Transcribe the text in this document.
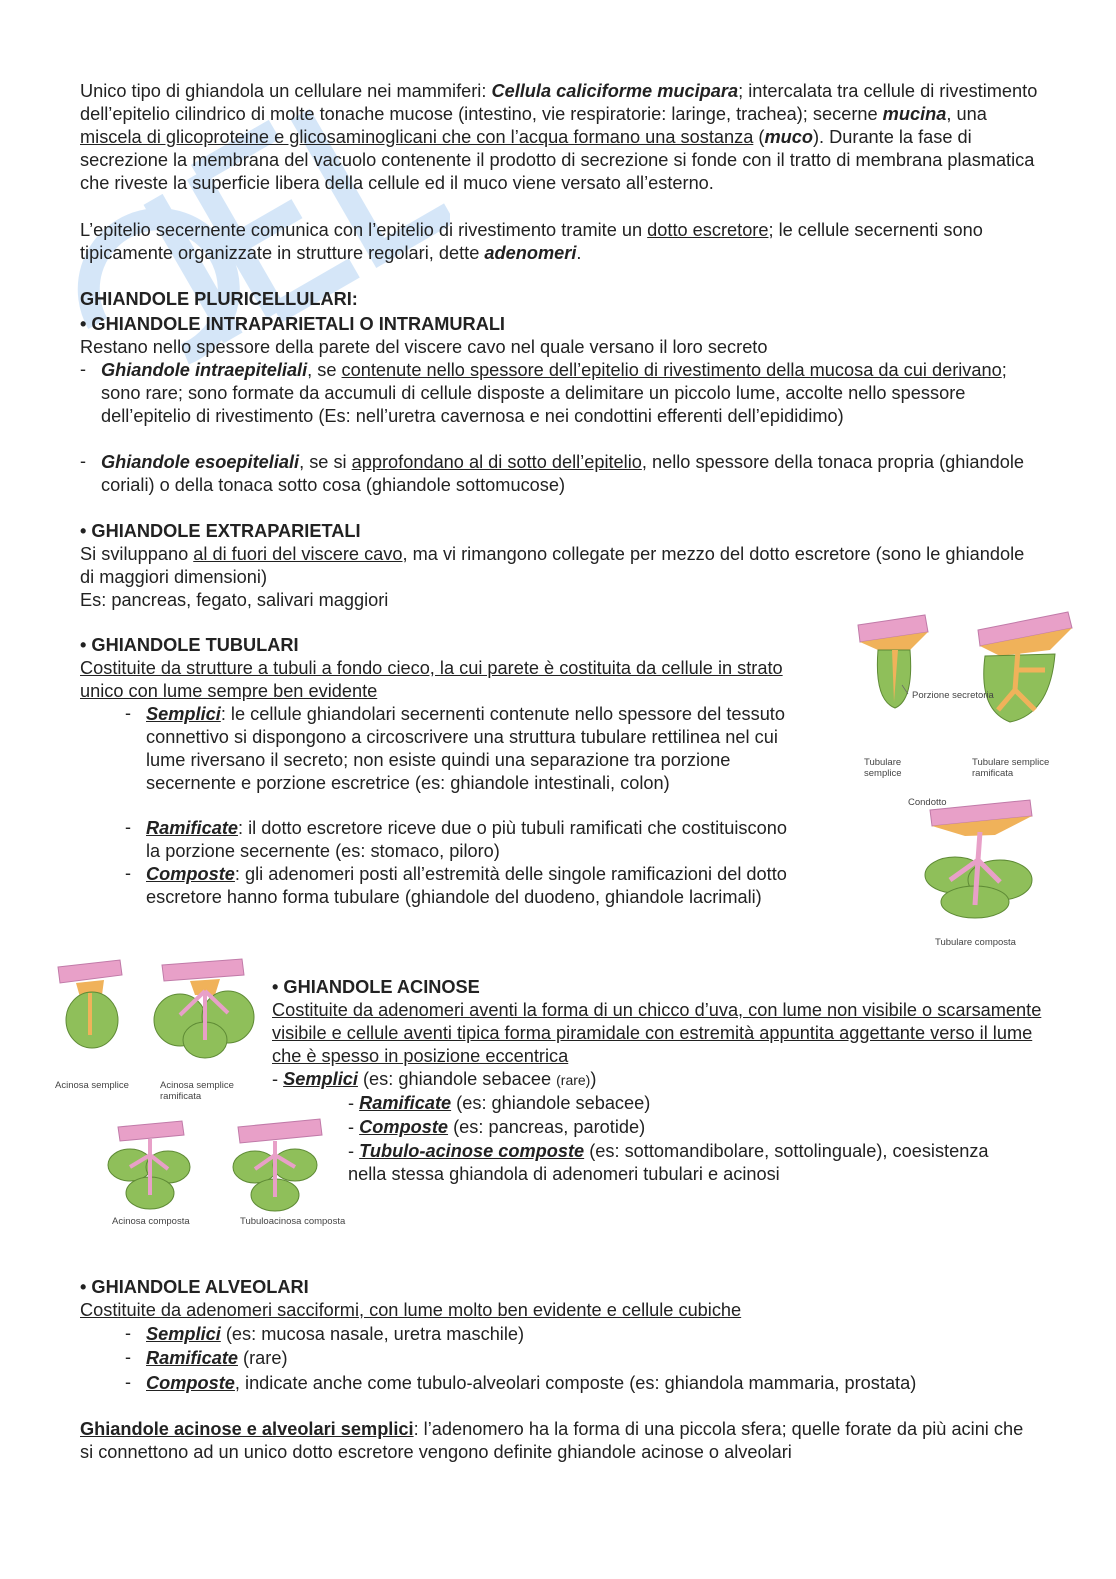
Unico tipo di ghiandola un cellulare nei mammiferi: Cellula caliciforme mucipara; intercalata tra cellule di rivestimento dell’epitelio cilindrico di molte tonache mucose (intestino, vie respiratorie: laringe, trachea); secerne mucina, una miscela di glicoproteine e glicosaminoglicani che con l’acqua formano una sostanza (muco). Durante la fase di secrezione la membrana del vacuolo contenente il prodotto di secrezione si fonde con il tratto di membrana plasmatica che riveste la superficie libera della cellule ed il muco viene versato all’esterno.
L’epitelio secernente comunica con l’epitelio di rivestimento tramite un dotto escretore; le cellule secernenti sono tipicamente organizzate in strutture regolari, dette adenomeri.
GHIANDOLE PLURICELLULARI:
• GHIANDOLE INTRAPARIETALI O INTRAMURALI
Restano nello spessore della parete del viscere cavo nel quale versano il loro secreto
- Ghiandole intraepiteliali, se contenute nello spessore dell’epitelio di rivestimento della mucosa da cui derivano; sono rare; sono formate da accumuli di cellule disposte a delimitare un piccolo lume, accolte nello spessore dell’epitelio di rivestimento (Es: nell’uretra cavernosa e nei condottini efferenti dell’epididimo)
- Ghiandole esoepiteliali, se si approfondano al di sotto dell’epitelio, nello spessore della tonaca propria (ghiandole coriali) o della tonaca sotto cosa (ghiandole sottomucose)
• GHIANDOLE EXTRAPARIETALI
Si sviluppano al di fuori del viscere cavo, ma vi rimangono collegate per mezzo del dotto escretore (sono le ghiandole di maggiori dimensioni)
Es: pancreas, fegato, salivari maggiori
• GHIANDOLE TUBULARI
Costituite da strutture a tubuli a fondo cieco, la cui parete è costituita da cellule in strato unico con lume sempre ben evidente
- Semplici: le cellule ghiandolari secernenti contenute nello spessore del tessuto connettivo si dispongono a circoscrivere una struttura tubulare rettilinea nel cui lume riversano il secreto; non esiste quindi una separazione tra porzione secernente e porzione escretrice (es: ghiandole intestinali, colon)
- Ramificate: il dotto escretore riceve due o più tubuli ramificati che costituiscono la porzione secernente (es: stomaco, piloro)
- Composte: gli adenomeri posti all’estremità delle singole ramificazioni del dotto escretore hanno forma tubulare (ghiandole del duodeno, ghiandole lacrimali)
Porzione secretoria
Tubulare semplice
Tubulare semplice ramificata
Condotto
Tubulare composta
Acinosa semplice	Acinosa semplice ramificata
Acinosa composta	Tubuloacinosa composta
• GHIANDOLE ACINOSE
Costituite da adenomeri aventi la forma di un chicco d’uva, con lume non visibile o scarsamente visibile e cellule aventi tipica forma piramidale con estremità appuntita aggettante verso il lume che è spesso in posizione eccentrica
- Semplici (es: ghiandole sebacee (rare))
- Ramificate (es: ghiandole sebacee)
- Composte (es: pancreas, parotide)
- Tubulo-acinose composte (es: sottomandibolare, sottolinguale), coesistenza nella stessa ghiandola di adenomeri tubulari e acinosi
• GHIANDOLE ALVEOLARI
Costituite da adenomeri sacciformi, con lume molto ben evidente e cellule cubiche
- Semplici (es: mucosa nasale, uretra maschile)
- Ramificate (rare)
- Composte, indicate anche come tubulo-alveolari composte (es: ghiandola mammaria, prostata)
Ghiandole acinose e alveolari semplici: l’adenomero ha la forma di una piccola sfera; quelle forate da più acini che si connettono ad un unico dotto escretore vengono definite ghiandole acinose o alveolari
